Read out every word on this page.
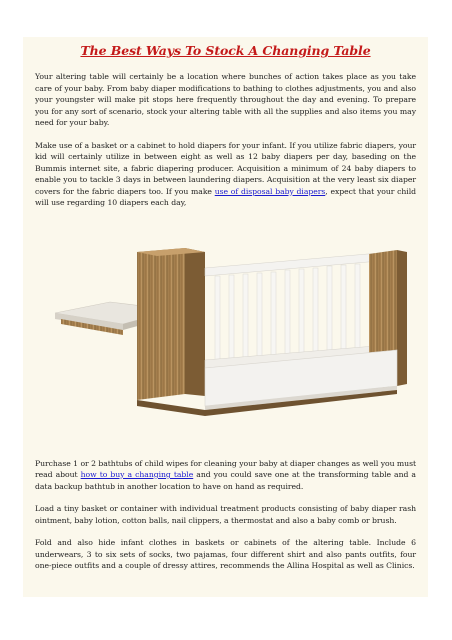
The Best Ways To Stock A Changing Table

Your altering table will certainly be a location where bunches of action takes place as you take care of your baby. From baby diaper modifications to bathing to clothes adjustments, you and also your youngster will make pit stops here frequently throughout the day and evening. To prepare you for any sort of scenario, stock your altering table with all the supplies and also items you may need for your baby.

Make use of a basket or a cabinet to hold diapers for your infant. If you utilize fabric diapers, your kid will certainly utilize in between eight as well as 12 baby diapers per day, baseding on the Bummis internet site, a fabric diapering producer. Acquisition a minimum of 24 baby diapers to enable you to tackle 3 days in between laundering diapers. Acquisition at the very least six diaper covers for the fabric diapers too. If you make use of disposal baby diapers, expect that your child will use regarding 10 diapers each day,

Purchase 1 or 2 bathtubs of child wipes for cleaning your baby at diaper changes as well you must read about how to buy a changing table and you could save one at the transforming table and a data backup bathtub in another location to have on hand as required.

Load a tiny basket or container with individual treatment products consisting of baby diaper rash ointment, baby lotion, cotton balls, nail clippers, a thermostat and also a baby comb or brush.

Fold and also hide infant clothes in baskets or cabinets of the altering table. Include 6 underwears, 3 to six sets of socks, two pajamas, four different shirt and also pants outfits, four one-piece outfits and a couple of dressy attires, recommends the Allina Hospital as well as Clinics.
